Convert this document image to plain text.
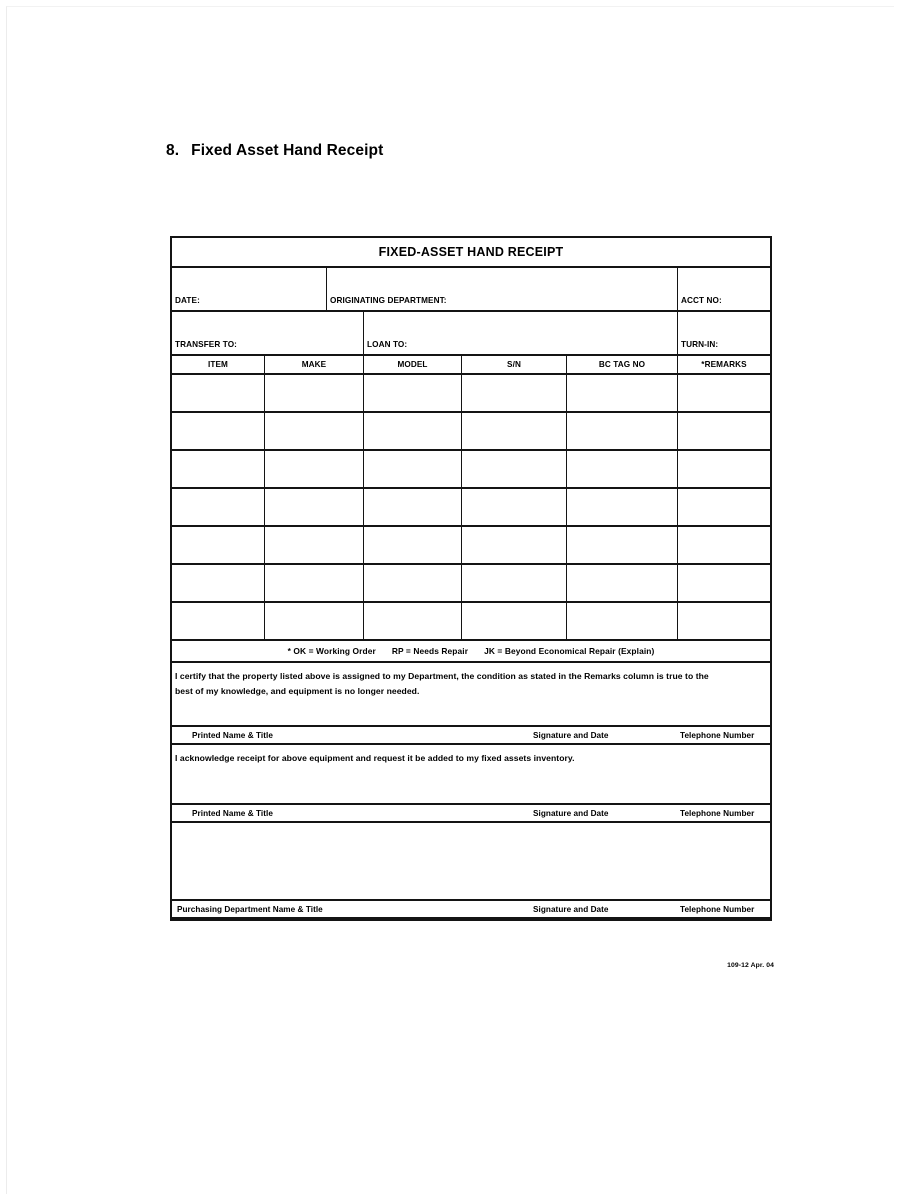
8. Fixed Asset Hand Receipt
FIXED-ASSET HAND RECEIPT
DATE:	ORIGINATING DEPARTMENT:	ACCT NO:
TRANSFER TO:	LOAN TO:	TURN-IN:
ITEM	MAKE	MODEL	S/N	BC TAG NO	*REMARKS
* OK = Working Order RP = Needs Repair JK = Beyond Economical Repair (Explain)
I certify that the property listed above is assigned to my Department, the condition as stated in the Remarks column is true to the
best of my knowledge, and equipment is no longer needed.
Printed Name & Title	Signature and Date	Telephone Number
I acknowledge receipt for above equipment and request it be added to my fixed assets inventory.
Printed Name & Title	Signature and Date	Telephone Number
Purchasing Department Name & Title	Signature and Date	Telephone Number
109-12 Apr. 04
